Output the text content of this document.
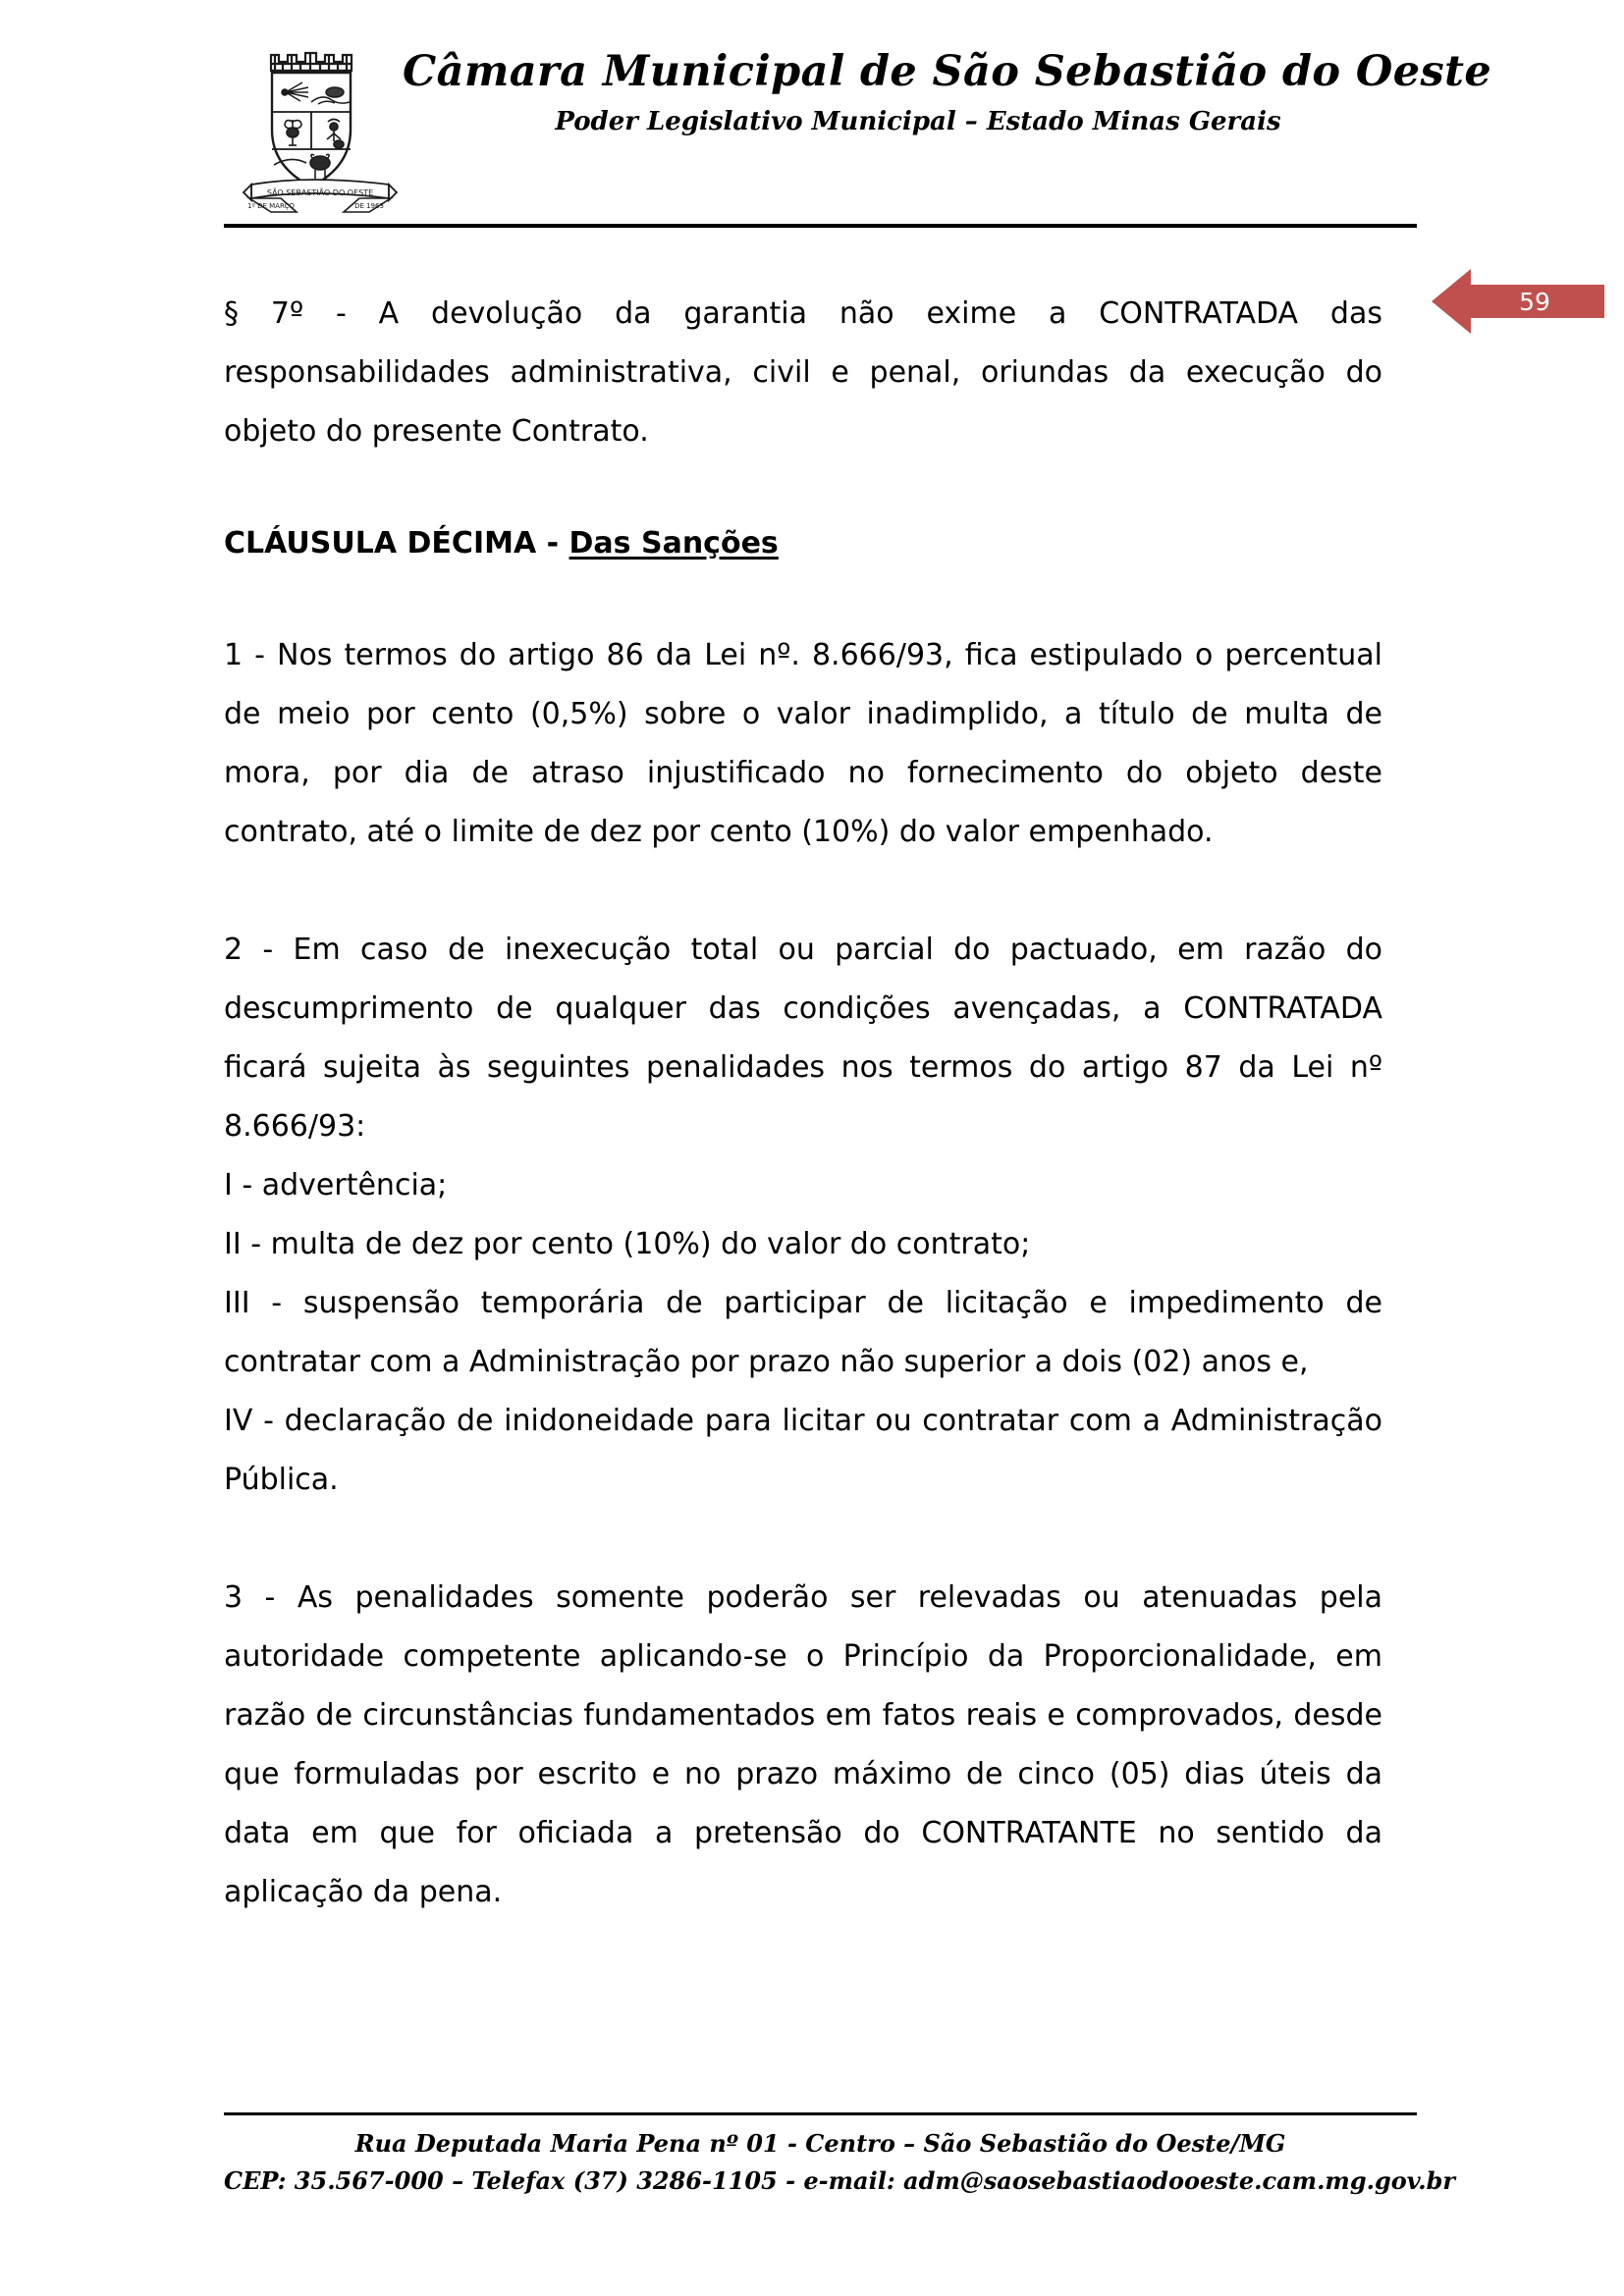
SÃO SEBASTIÃO DO OESTE
1º DE MARÇO	DE 1963
Câmara Municipal de São Sebastião do Oeste
Poder Legislativo Municipal – Estado Minas Gerais
59

§ 7º - A devolução da garantia não exime a CONTRATADA das responsabilidades administrativa, civil e penal, oriundas da execução do objeto do presente Contrato.

CLÁUSULA DÉCIMA - Das Sanções

1 - Nos termos do artigo 86 da Lei nº. 8.666/93, fica estipulado o percentual de meio por cento (0,5%) sobre o valor inadimplido, a título de multa de mora, por dia de atraso injustificado no fornecimento do objeto deste contrato, até o limite de dez por cento (10%) do valor empenhado.

2 - Em caso de inexecução total ou parcial do pactuado, em razão do descumprimento de qualquer das condições avençadas, a CONTRATADA ficará sujeita às seguintes penalidades nos termos do artigo 87 da Lei nº 8.666/93:

I - advertência;

II - multa de dez por cento (10%) do valor do contrato;

III - suspensão temporária de participar de licitação e impedimento de contratar com a Administração por prazo não superior a dois (02) anos e,

IV - declaração de inidoneidade para licitar ou contratar com a Administração Pública.

3 - As penalidades somente poderão ser relevadas ou atenuadas pela autoridade competente aplicando-se o Princípio da Proporcionalidade, em razão de circunstâncias fundamentados em fatos reais e comprovados, desde que formuladas por escrito e no prazo máximo de cinco (05) dias úteis da data em que for oficiada a pretensão do CONTRATANTE no sentido da aplicação da pena.

Rua Deputada Maria Pena nº 01 - Centro – São Sebastião do Oeste/MG
CEP: 35.567-000 – Telefax (37) 3286-1105 - e-mail: adm@saosebastiaodooeste.cam.mg.gov.br
